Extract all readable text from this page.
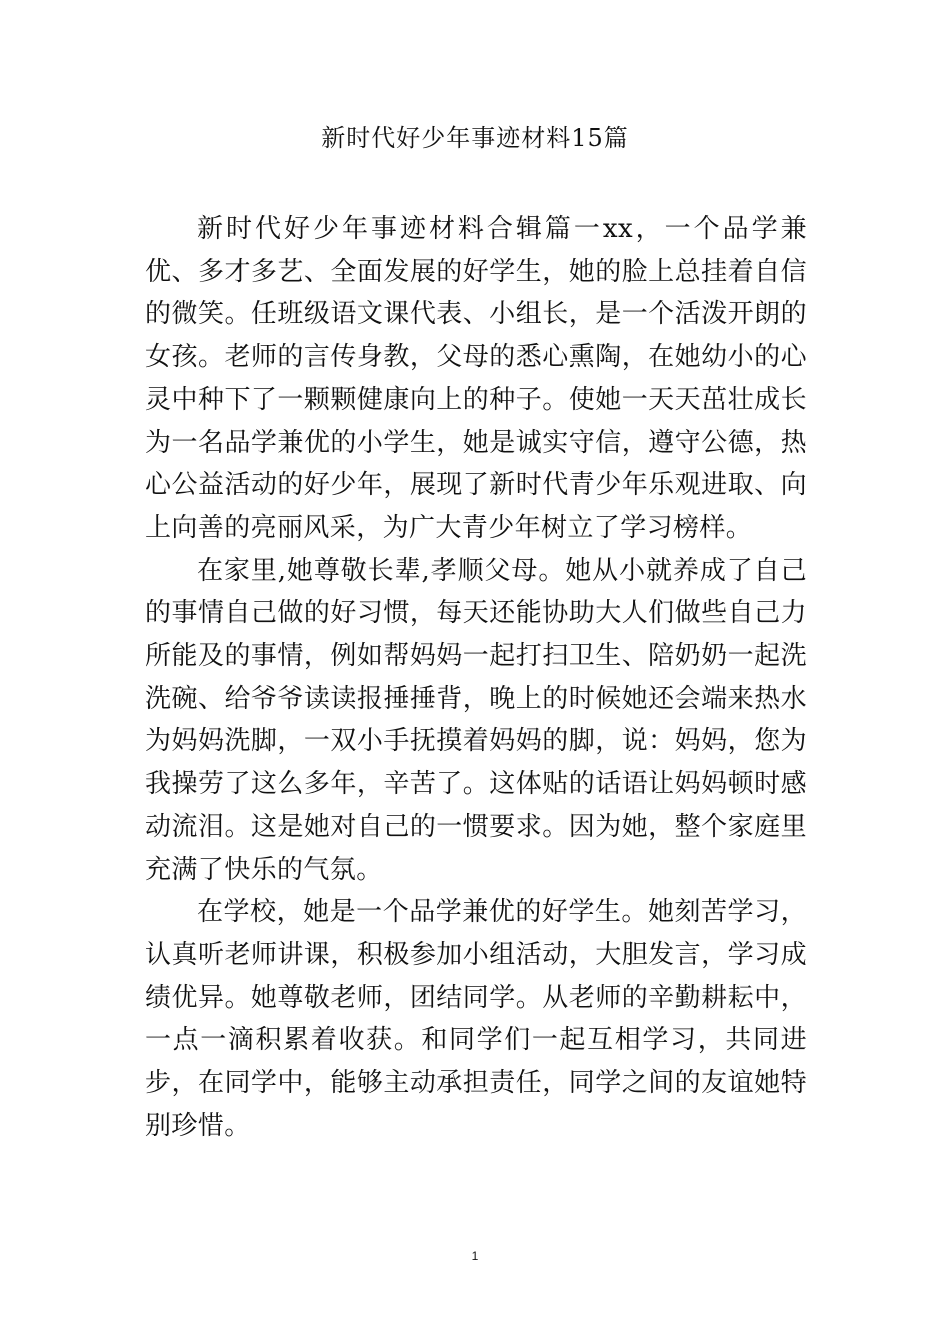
新时代好少年事迹材料15篇

新时代好少年事迹材料合辑篇一xx，一个品学兼优、多才多艺、全面发展的好学生，她的脸上总挂着自信的微笑。任班级语文课代表、小组长，是一个活泼开朗的女孩。老师的言传身教，父母的悉心熏陶，在她幼小的心灵中种下了一颗颗健康向上的种子。使她一天天茁壮成长为一名品学兼优的小学生，她是诚实守信，遵守公德，热心公益活动的好少年，展现了新时代青少年乐观进取、向上向善的亮丽风采，为广大青少年树立了学习榜样。

在家里,她尊敬长辈,孝顺父母。她从小就养成了自己的事情自己做的好习惯，每天还能协助大人们做些自己力所能及的事情，例如帮妈妈一起打扫卫生、陪奶奶一起洗洗碗、给爷爷读读报捶捶背，晚上的时候她还会端来热水为妈妈洗脚，一双小手抚摸着妈妈的脚，说：妈妈，您为我操劳了这么多年，辛苦了。这体贴的话语让妈妈顿时感动流泪。这是她对自己的一惯要求。因为她，整个家庭里充满了快乐的气氛。

在学校，她是一个品学兼优的好学生。她刻苦学习，认真听老师讲课，积极参加小组活动，大胆发言，学习成绩优异。她尊敬老师，团结同学。从老师的辛勤耕耘中，一点一滴积累着收获。和同学们一起互相学习，共同进步，在同学中，能够主动承担责任，同学之间的友谊她特别珍惜。

1
